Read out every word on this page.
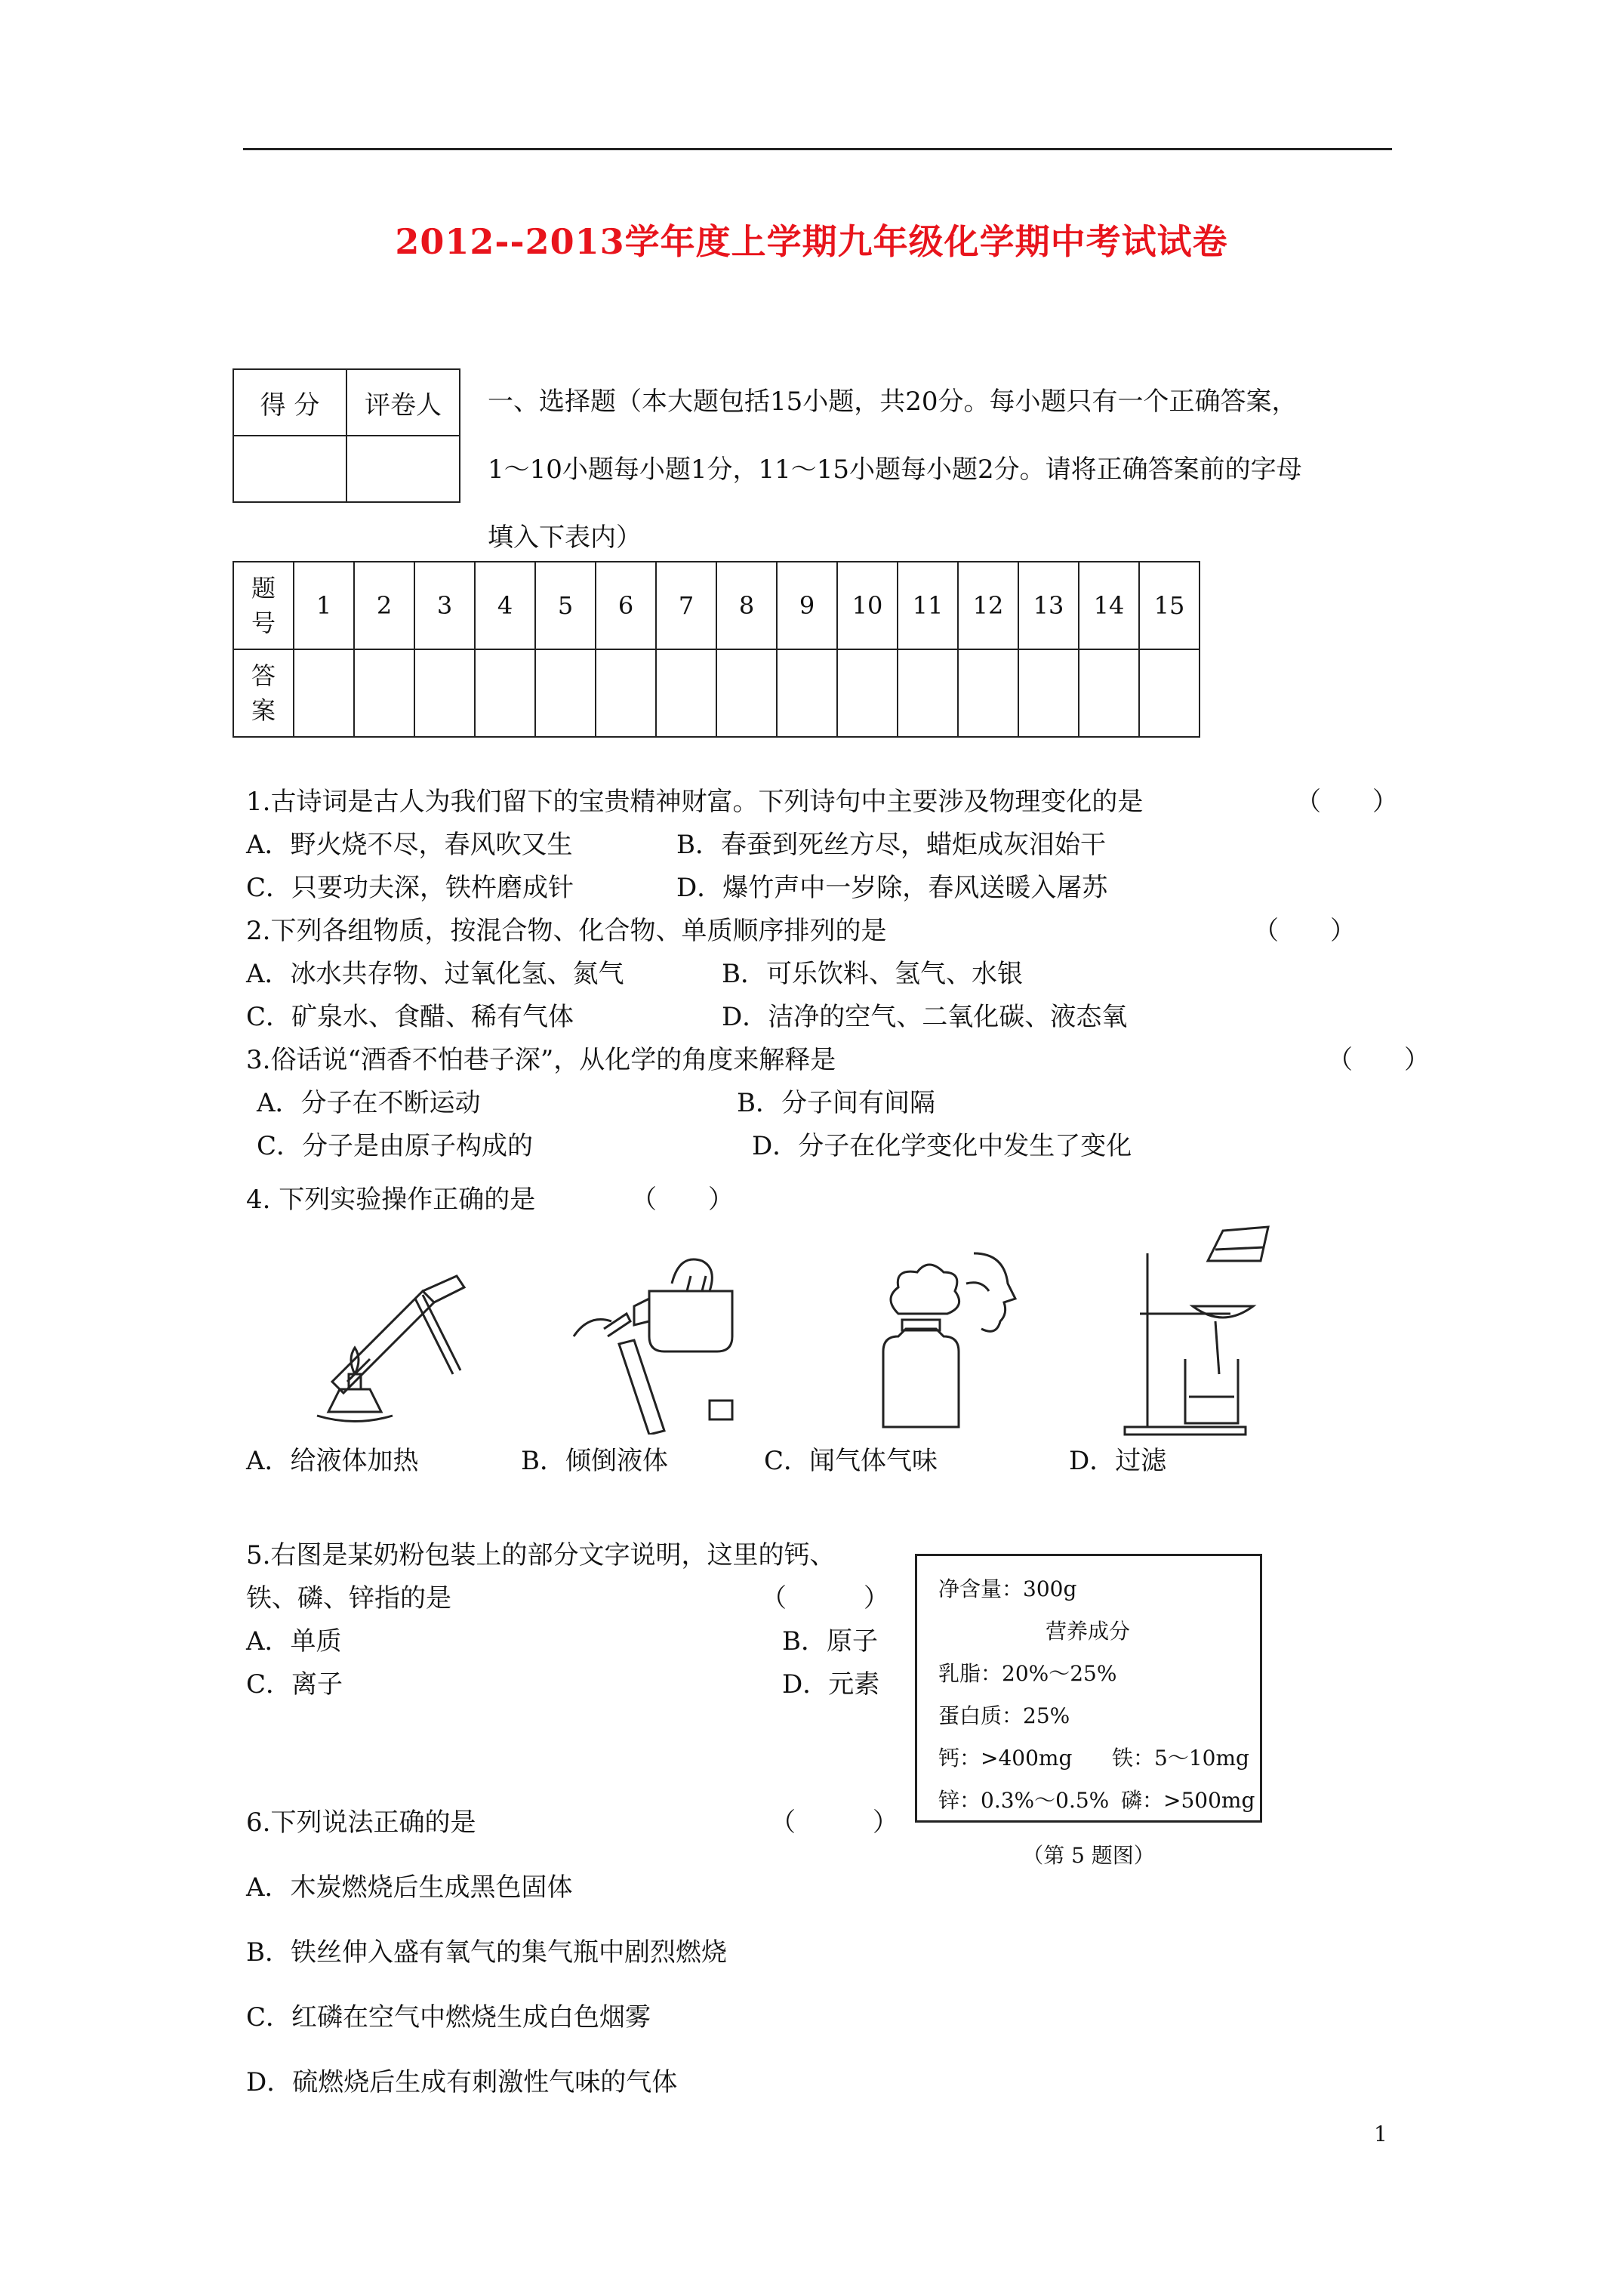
2012--2013学年度上学期九年级化学期中考试试卷
得 分	评卷人
	一、选择题（本大题包括15小题，共20分。每小题只有一个正确答案，
1～10小题每小题1分，11～15小题每小题2分。请将正确答案前的字母
填入下表内）
题
号	1	2	3	4	5	6	7	8	9	10	11	12	13	14	15

答
案															

1.古诗词是古人为我们留下的宝贵精神财富。下列诗句中主要涉及物理变化的是	（　　）
A．野火烧不尽，春风吹又生	B．春蚕到死丝方尽，蜡炬成灰泪始干
C．只要功夫深，铁杵磨成针	D．爆竹声中一岁除，春风送暖入屠苏
2.下列各组物质，按混合物、化合物、单质顺序排列的是	（　　）
A．冰水共存物、过氧化氢、氮气	B．可乐饮料、氢气、水银
C．矿泉水、食醋、稀有气体	D．洁净的空气、二氧化碳、液态氧
3.俗话说“酒香不怕巷子深”，从化学的角度来解释是	（　　）
A．分子在不断运动	B．分子间有间隔
C．分子是由原子构成的	D．分子在化学变化中发生了变化
4. 下列实验操作正确的是	（　　）
A．给液体加热	B．倾倒液体	C．闻气体气味	D．过滤
5.右图是某奶粉包装上的部分文字说明，这里的钙、
铁、磷、锌指的是	（　　　）
A．单质	B．原子
C．离子	D．元素
净含量：300g
营养成分
乳脂：20%～25%
蛋白质：25%
钙：>400mg 铁：5～10mg
锌：0.3%～0.5% 磷：>500mg
（第 5 题图）
6.下列说法正确的是	（　　　）
A．木炭燃烧后生成黑色固体
B．铁丝伸入盛有氧气的集气瓶中剧烈燃烧
C．红磷在空气中燃烧生成白色烟雾
D．硫燃烧后生成有刺激性气味的气体
1
